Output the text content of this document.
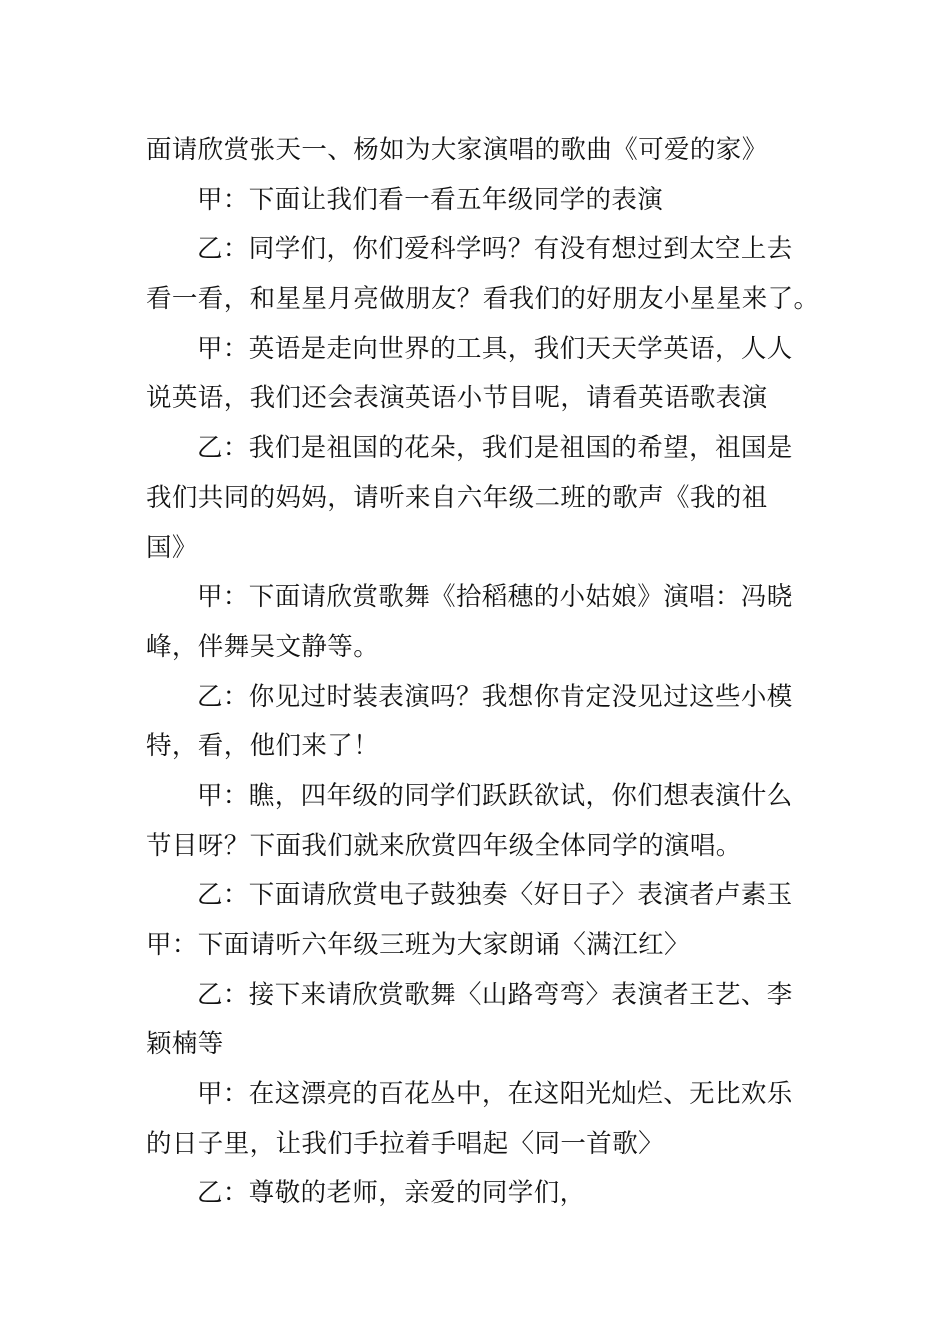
面请欣赏张天一、杨如为大家演唱的歌曲《可爱的家》
甲：下面让我们看一看五年级同学的表演
乙：同学们，你们爱科学吗？有没有想过到太空上去
看一看，和星星月亮做朋友？看我们的好朋友小星星来了。
甲：英语是走向世界的工具，我们天天学英语，人人
说英语，我们还会表演英语小节目呢，请看英语歌表演
乙：我们是祖国的花朵，我们是祖国的希望，祖国是
我们共同的妈妈，请听来自六年级二班的歌声《我的祖
国》
甲：下面请欣赏歌舞《拾稻穗的小姑娘》演唱：冯晓
峰，伴舞吴文静等。
乙：你见过时装表演吗？我想你肯定没见过这些小模
特，看，他们来了！
甲：瞧，四年级的同学们跃跃欲试，你们想表演什么
节目呀？下面我们就来欣赏四年级全体同学的演唱。
乙：下面请欣赏电子鼓独奏〈好日子〉表演者卢素玉
甲：下面请听六年级三班为大家朗诵〈满江红〉
乙：接下来请欣赏歌舞〈山路弯弯〉表演者王艺、李
颖楠等
甲：在这漂亮的百花丛中，在这阳光灿烂、无比欢乐
的日子里，让我们手拉着手唱起〈同一首歌〉
乙：尊敬的老师，亲爱的同学们，
